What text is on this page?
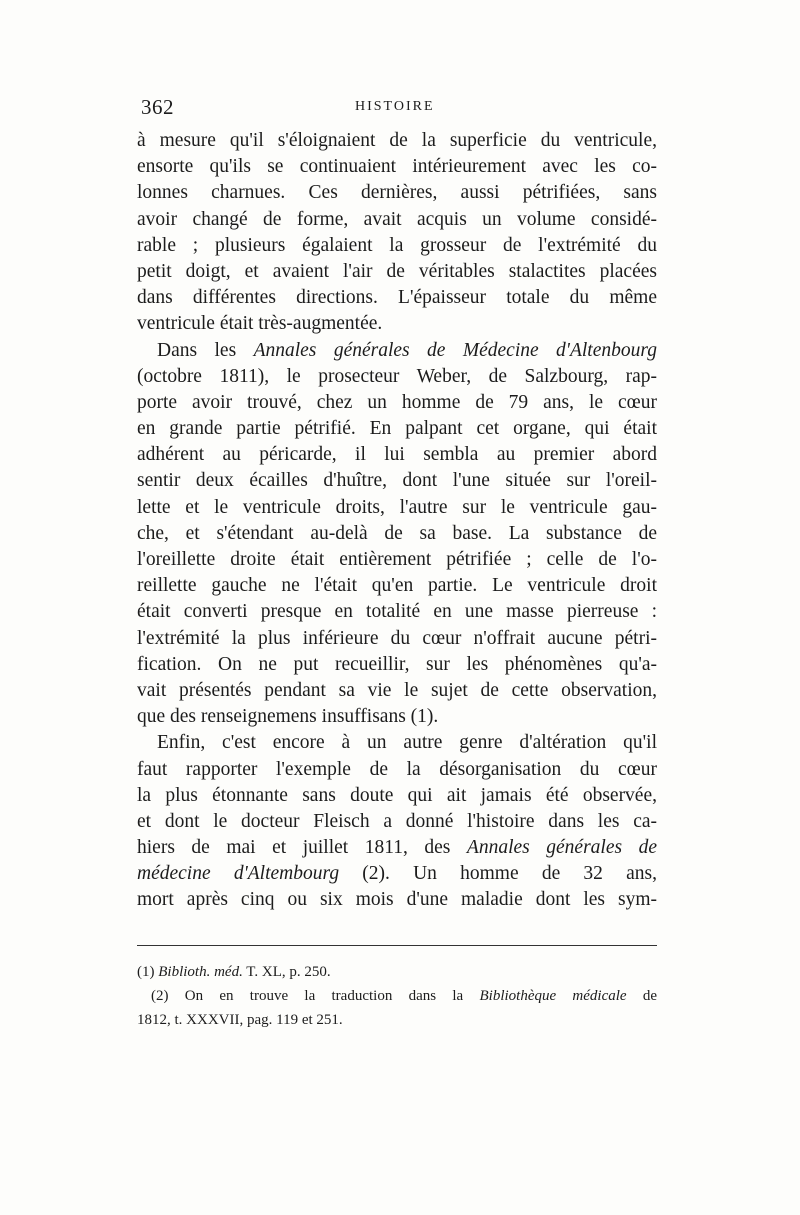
362	HISTOIRE
à mesure qu'il s'éloignaient de la superficie du ventricule,
ensorte qu'ils se continuaient intérieurement avec les co-
lonnes charnues. Ces dernières, aussi pétrifiées, sans
avoir changé de forme, avait acquis un volume considé-
rable ; plusieurs égalaient la grosseur de l'extrémité du
petit doigt, et avaient l'air de véritables stalactites placées
dans différentes directions. L'épaisseur totale du même
ventricule était très-augmentée.
Dans les Annales générales de Médecine d'Altenbourg
(octobre 1811), le prosecteur Weber, de Salzbourg, rap-
porte avoir trouvé, chez un homme de 79 ans, le cœur
en grande partie pétrifié. En palpant cet organe, qui était
adhérent au péricarde, il lui sembla au premier abord
sentir deux écailles d'huître, dont l'une située sur l'oreil-
lette et le ventricule droits, l'autre sur le ventricule gau-
che, et s'étendant au-delà de sa base. La substance de
l'oreillette droite était entièrement pétrifiée ; celle de l'o-
reillette gauche ne l'était qu'en partie. Le ventricule droit
était converti presque en totalité en une masse pierreuse :
l'extrémité la plus inférieure du cœur n'offrait aucune pétri-
fication. On ne put recueillir, sur les phénomènes qu'a-
vait présentés pendant sa vie le sujet de cette observation,
que des renseignemens insuffisans (1).
Enfin, c'est encore à un autre genre d'altération qu'il
faut rapporter l'exemple de la désorganisation du cœur
la plus étonnante sans doute qui ait jamais été observée,
et dont le docteur Fleisch a donné l'histoire dans les ca-
hiers de mai et juillet 1811, des Annales générales de
médecine d'Altembourg (2). Un homme de 32 ans,
mort après cinq ou six mois d'une maladie dont les sym-
(1) Biblioth. méd. T. XL, p. 250.
(2) On en trouve la traduction dans la Bibliothèque médicale de
1812, t. XXXVII, pag. 119 et 251.
